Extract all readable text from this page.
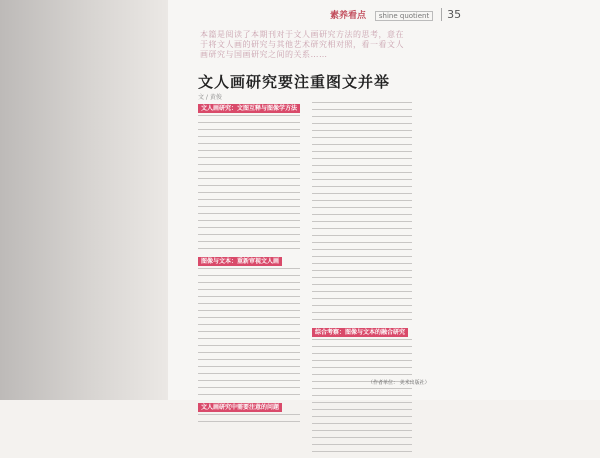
素养看点 shine quotient 35
本篇是阅读了本期刊对于文人画研究方法的思考，意在于将文人画的研究与其他艺术研究相对照，看一看文人画研究与国画研究之间的关系……
文人画研究要注重图文并举
文 / 黄俊
文人画研究：文图互释与图像学方法
图像与文本：重新审视文人画
文人画研究中需要注意的问题
综合考察：图像与文本的融合研究
（作者单位： 美术出版社）
